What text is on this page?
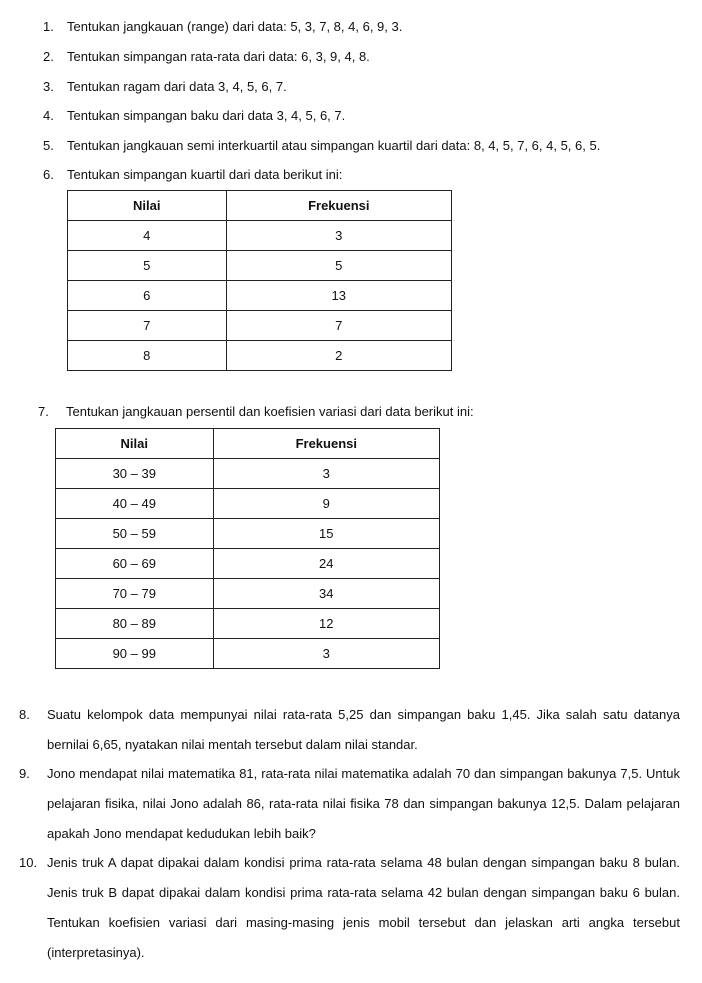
1. Tentukan jangkauan (range) dari data: 5, 3, 7, 8, 4, 6, 9, 3.
2. Tentukan simpangan rata-rata dari data: 6, 3, 9, 4, 8.
3. Tentukan ragam dari data 3, 4, 5, 6, 7.
4. Tentukan simpangan baku dari data 3, 4, 5, 6, 7.
5. Tentukan jangkauan semi interkuartil atau simpangan kuartil dari data: 8, 4, 5, 7, 6, 4, 5, 6, 5.
6. Tentukan simpangan kuartil dari data berikut ini:
Nilai	Frekuensi
4	3
5	5
6	13
7	7
8	2
7. Tentukan jangkauan persentil dan koefisien variasi dari data berikut ini:
Nilai	Frekuensi
30 – 39	3
40 – 49	9
50 – 59	15
60 – 69	24
70 – 79	34
80 – 89	12
90 – 99	3
8. Suatu kelompok data mempunyai nilai rata-rata 5,25 dan simpangan baku 1,45. Jika salah satu datanya bernilai 6,65, nyatakan nilai mentah tersebut dalam nilai standar.
9. Jono mendapat nilai matematika 81, rata-rata nilai matematika adalah 70 dan simpangan bakunya 7,5. Untuk pelajaran fisika, nilai Jono adalah 86, rata-rata nilai fisika 78 dan simpangan bakunya 12,5. Dalam pelajaran apakah Jono mendapat kedudukan lebih baik?
10. Jenis truk A dapat dipakai dalam kondisi prima rata-rata selama 48 bulan dengan simpangan baku 8 bulan. Jenis truk B dapat dipakai dalam kondisi prima rata-rata selama 42 bulan dengan simpangan baku 6 bulan. Tentukan koefisien variasi dari masing-masing jenis mobil tersebut dan jelaskan arti angka tersebut (interpretasinya).
